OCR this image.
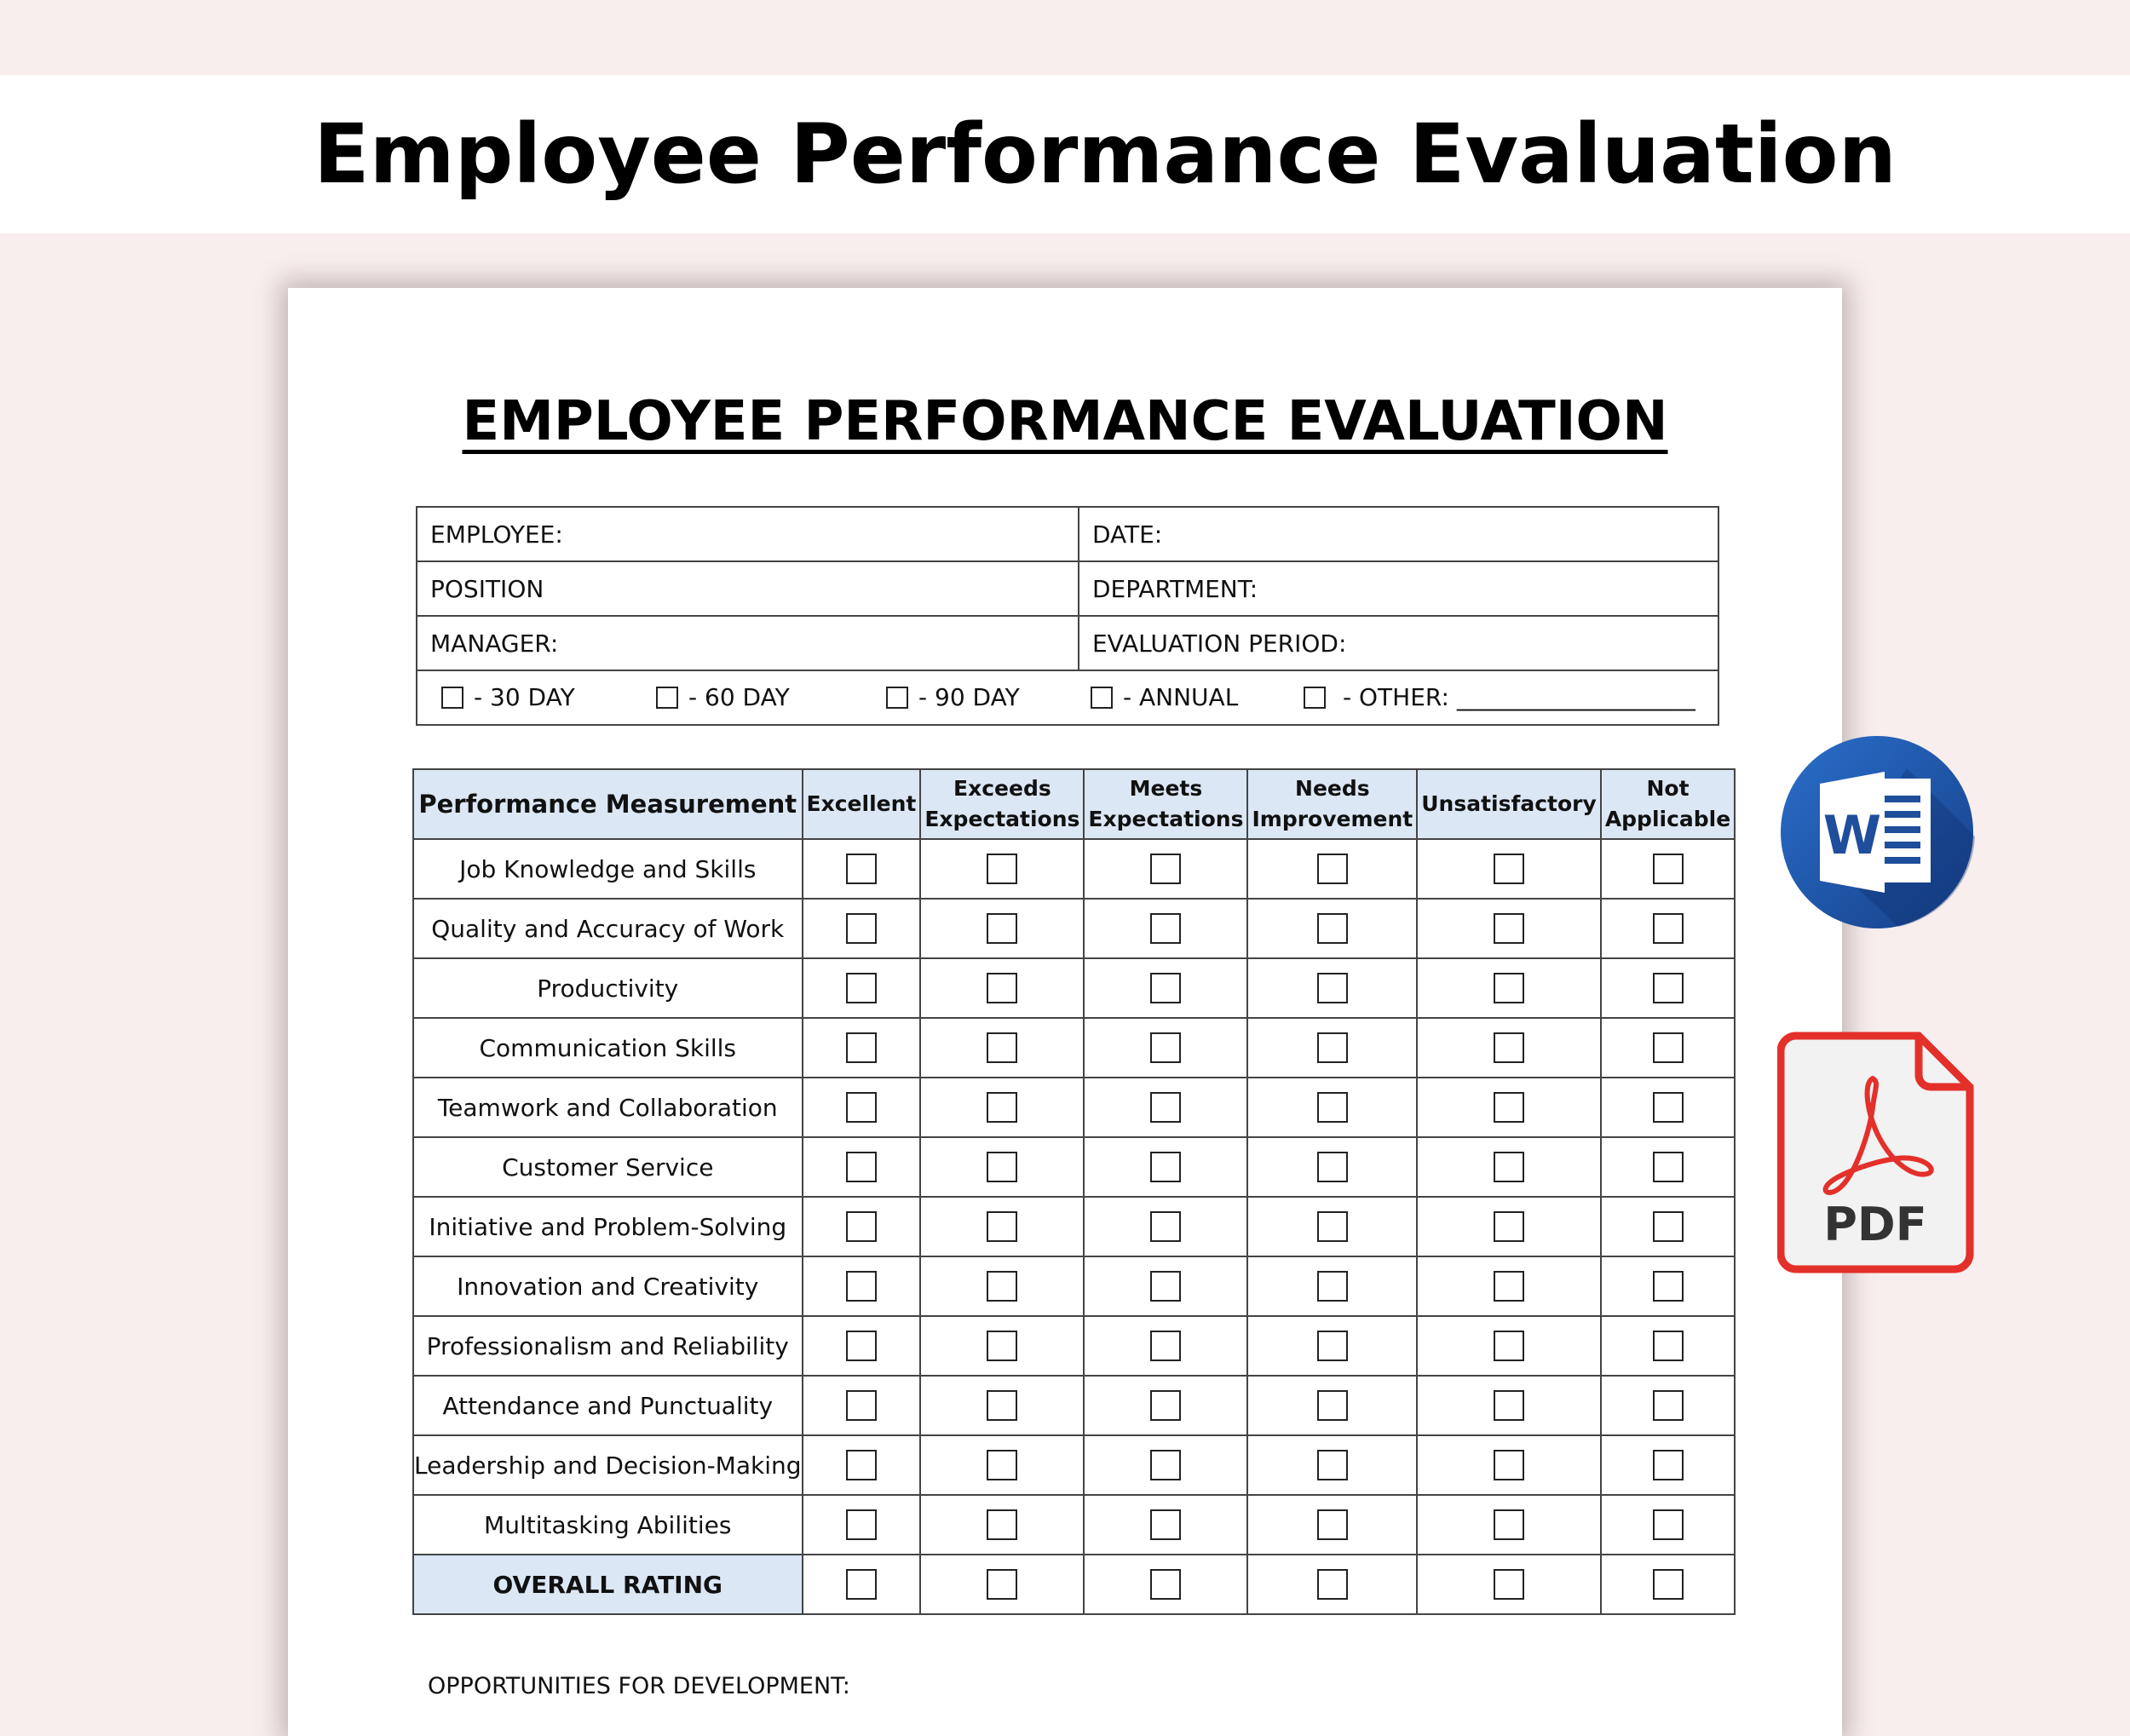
Employee Performance Evaluation
EMPLOYEE PERFORMANCE EVALUATION
EMPLOYEE:	DATE:
POSITION	DEPARTMENT:
MANAGER:	EVALUATION PERIOD:

- 30 DAY - 60 DAY - 90 DAY - ANNUAL - OTHER: ____________________	
Performance Measurement	Excellent	Exceeds Expectations	Meets Expectations	Needs Improvement	Unsatisfactory	Not Applicable
Job Knowledge and Skills						
Quality and Accuracy of Work						
Productivity						
Communication Skills						
Teamwork and Collaboration						
Customer Service						
Initiative and Problem-Solving						
Innovation and Creativity						
Professionalism and Reliability						
Attendance and Punctuality						
Leadership and Decision-Making						
Multitasking Abilities						
OVERALL RATING						
OPPORTUNITIES FOR DEVELOPMENT:
W
PDF
